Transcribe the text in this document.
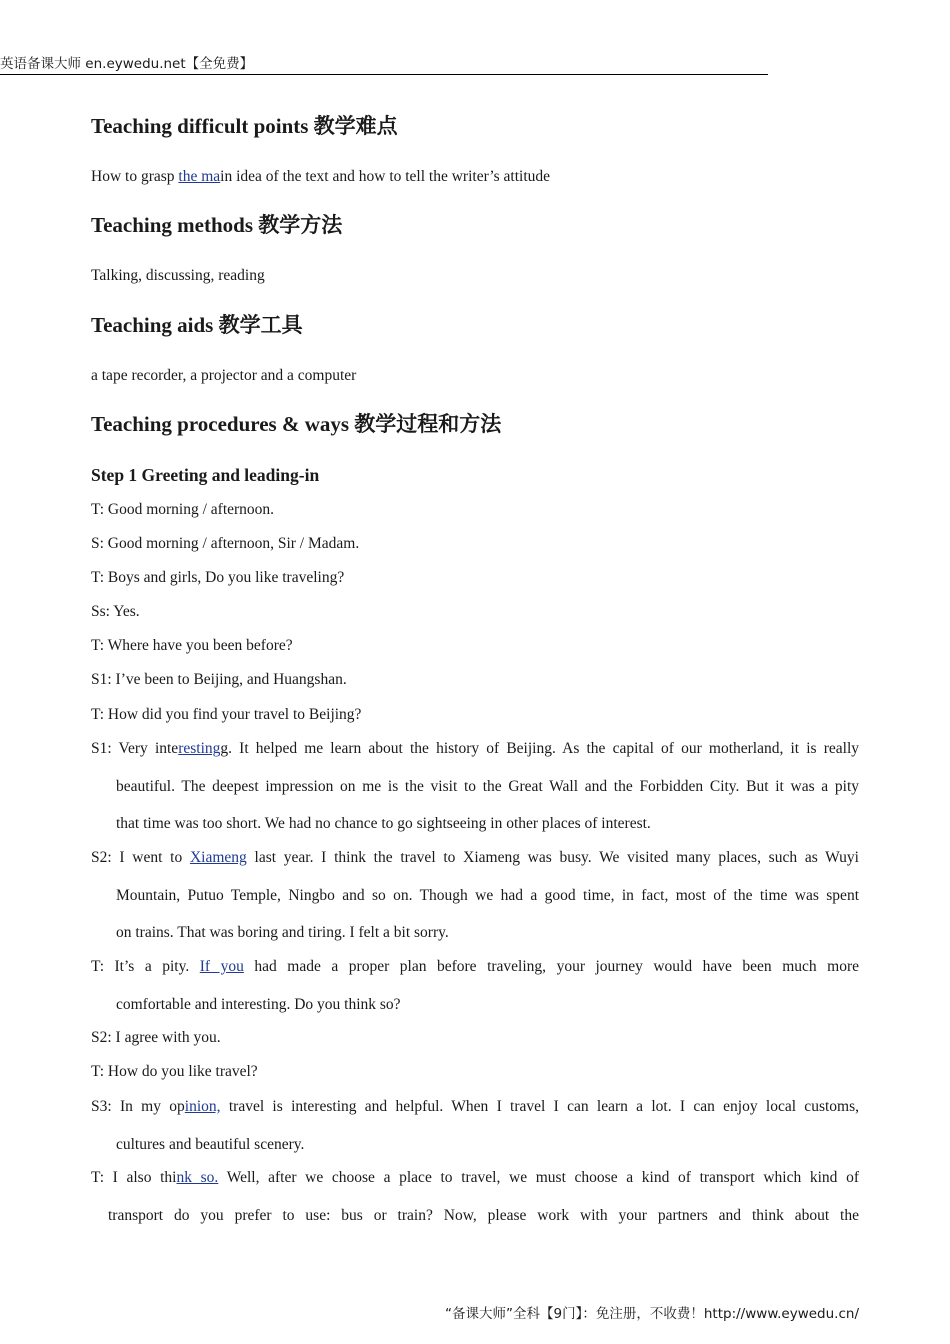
英语备课大师 en.eywedu.net【全免费】
Teaching difficult points 教学难点
How to grasp the main idea of the text and how to tell the writer’s attitude
Teaching methods 教学方法
Talking, discussing, reading
Teaching aids 教学工具
a tape recorder, a projector and a computer
Teaching procedures & ways 教学过程和方法
Step 1 Greeting and leading-in
T: Good morning / afternoon.
S: Good morning / afternoon, Sir / Madam.
T: Boys and girls, Do you like traveling?
Ss: Yes.
T: Where have you been before?
S1: I’ve been to Beijing, and Huangshan.
T: How did you find your travel to Beijing?
S1: Very interestingg. It helped me learn about the history of Beijing. As the capital of our motherland, it is really
beautiful. The deepest impression on me is the visit to the Great Wall and the Forbidden City. But it was a pity
that time was too short. We had no chance to go sightseeing in other places of interest.
S2: I went to Xiameng last year. I think the travel to Xiameng was busy. We visited many places, such as Wuyi
Mountain, Putuo Temple, Ningbo and so on. Though we had a good time, in fact, most of the time was spent
on trains. That was boring and tiring. I felt a bit sorry.
T: It’s a pity. If you had made a proper plan before traveling, your journey would have been much more
comfortable and interesting. Do you think so?
S2: I agree with you.
T: How do you like travel?
S3: In my opinion, travel is interesting and helpful. When I travel I can learn a lot. I can enjoy local customs,
cultures and beautiful scenery.
T: I also think so. Well, after we choose a place to travel, we must choose a kind of transport which kind of
transport do you prefer to use: bus or train? Now, please work with your partners and think about the
“备课大师”全科【9门】：免注册，不收费！http://www.eywedu.cn/
